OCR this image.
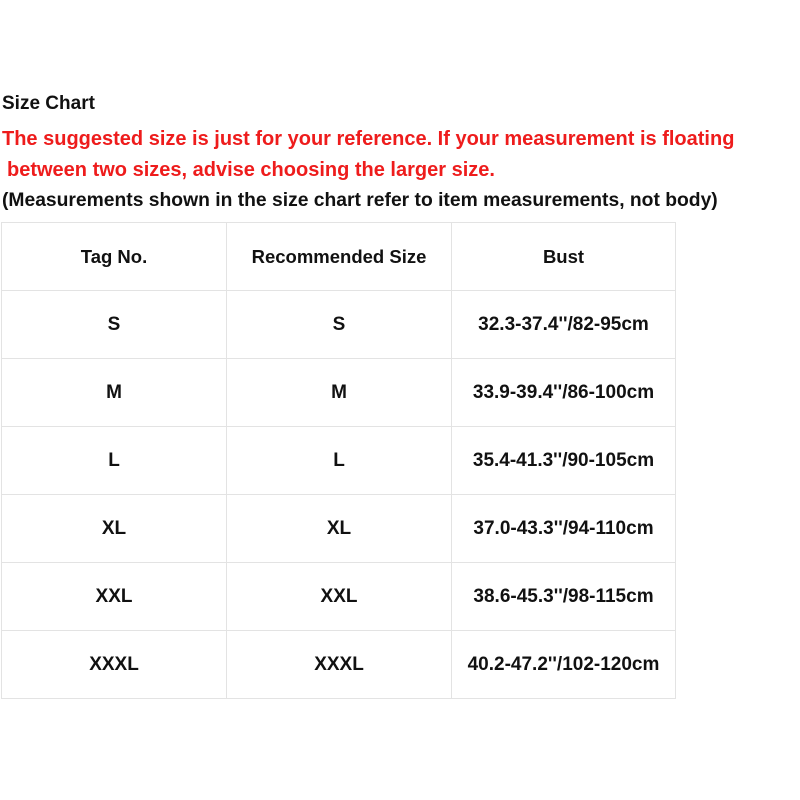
Size Chart
The suggested size is just for your reference. If your measurement is floating
between two sizes, advise choosing the larger size.
(Measurements shown in the size chart refer to item measurements, not body)
Tag No.	Recommended Size	Bust
S	S	32.3-37.4''/82-95cm
M	M	33.9-39.4''/86-100cm
L	L	35.4-41.3''/90-105cm
XL	XL	37.0-43.3''/94-110cm
XXL	XXL	38.6-45.3''/98-115cm
XXXL	XXXL	40.2-47.2''/102-120cm
